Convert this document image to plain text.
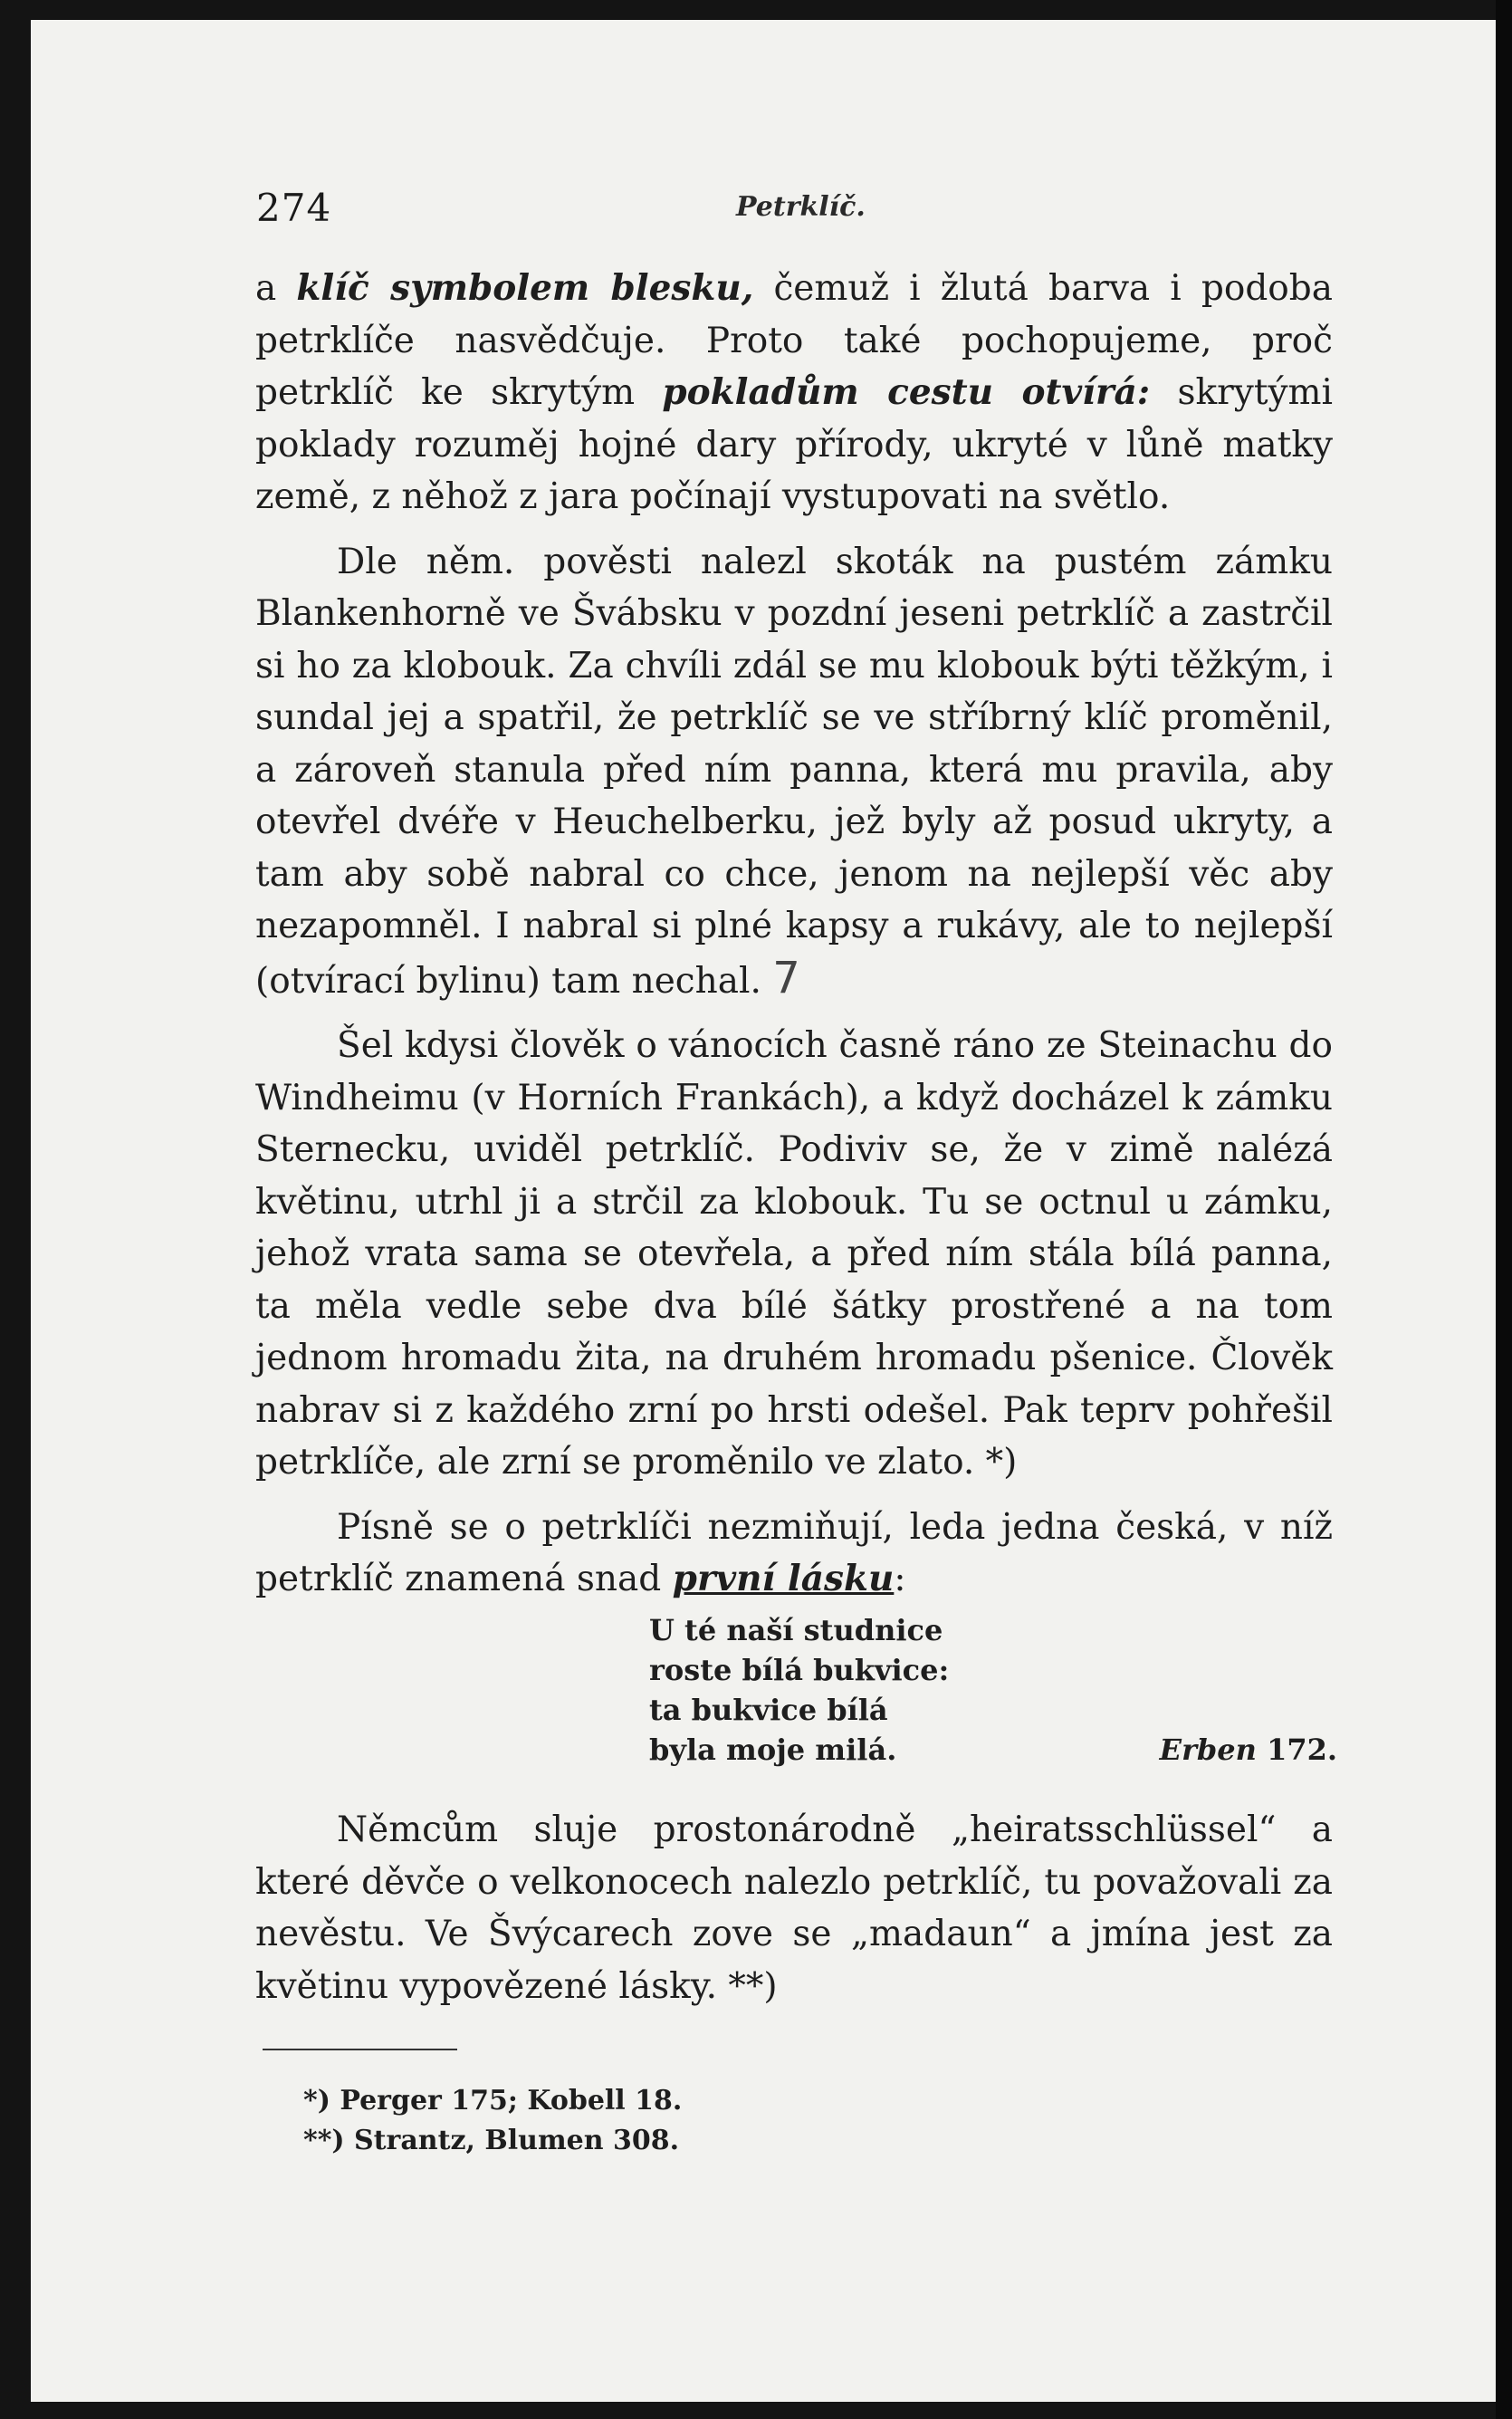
274	Petrklíč.

a klíč symbolem blesku, čemuž i žlutá barva i podoba petrklíče nasvědčuje. Proto také pochopujeme, proč petrklíč ke skrytým pokladům cestu otvírá: skrytými poklady rozuměj hojné dary přírody, ukryté v lůně matky země, z něhož z jara počínají vystupovati na světlo.

Dle něm. pověsti nalezl skoták na pustém zámku Blankenhorně ve Švábsku v pozdní jeseni petrklíč a zastrčil si ho za klobouk. Za chvíli zdál se mu klobouk býti těžkým, i sundal jej a spatřil, že petrklíč se ve stříbrný klíč proměnil, a zároveň stanula před ním panna, která mu pravila, aby otevřel dvéře v Heuchelberku, jež byly až posud ukryty, a tam aby sobě nabral co chce, jenom na nejlepší věc aby nezapomněl. I nabral si plné kapsy a rukávy, ale to nejlepší (otvírací bylinu) tam nechal. 7

Šel kdysi člověk o vánocích časně ráno ze Steinachu do Windheimu (v Horních Frankách), a když docházel k zámku Sternecku, uviděl petrklíč. Podiviv se, že v zimě nalézá květinu, utrhl ji a strčil za klobouk. Tu se octnul u zámku, jehož vrata sama se otevřela, a před ním stála bílá panna, ta měla vedle sebe dva bílé šátky prostřené a na tom jednom hromadu žita, na druhém hromadu pšenice. Člověk nabrav si z každého zrní po hrsti odešel. Pak teprv pohřešil petrklíče, ale zrní se proměnilo ve zlato. *)

Písně se o petrklíči nezmiňují, leda jedna česká, v níž petrklíč znamená snad první lásku:

U té naší studnice
roste bílá bukvice:
ta bukvice bílá
byla moje milá.	Erben 172.

Němcům sluje prostonárodně „heiratsschlüssel“ a které děvče o velkonocech nalezlo petrklíč, tu považovali za nevěstu. Ve Švýcarech zove se „madaun“ a jmína jest za květinu vypovězené lásky. **)

*) Perger 175; Kobell 18.
**) Strantz, Blumen 308.
